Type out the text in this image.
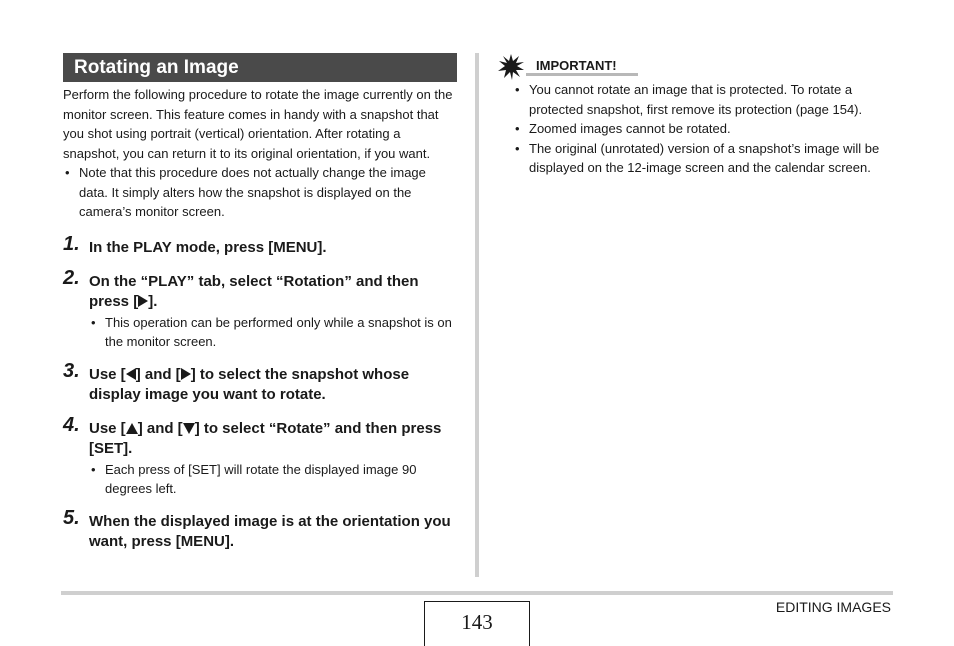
Rotating an Image
Perform the following procedure to rotate the image currently on the monitor screen. This feature comes in handy with a snapshot that you shot using portrait (vertical) orientation. After rotating a snapshot, you can return it to its original orientation, if you want.
• Note that this procedure does not actually change the image data. It simply alters how the snapshot is displayed on the camera’s monitor screen.
1. In the PLAY mode, press [MENU].
2. On the “PLAY” tab, select “Rotation” and then press [ ].
• This operation can be performed only while a snapshot is on the monitor screen.
3. Use [ ] and [ ] to select the snapshot whose display image you want to rotate.
4. Use [ ] and [ ] to select “Rotate” and then press [SET].
• Each press of [SET] will rotate the displayed image 90 degrees left.
5. When the displayed image is at the orientation you want, press [MENU].
IMPORTANT!
• You cannot rotate an image that is protected. To rotate a protected snapshot, first remove its protection (page 154).
• Zoomed images cannot be rotated.
• The original (unrotated) version of a snapshot’s image will be displayed on the 12-image screen and the calendar screen.
143
EDITING IMAGES
